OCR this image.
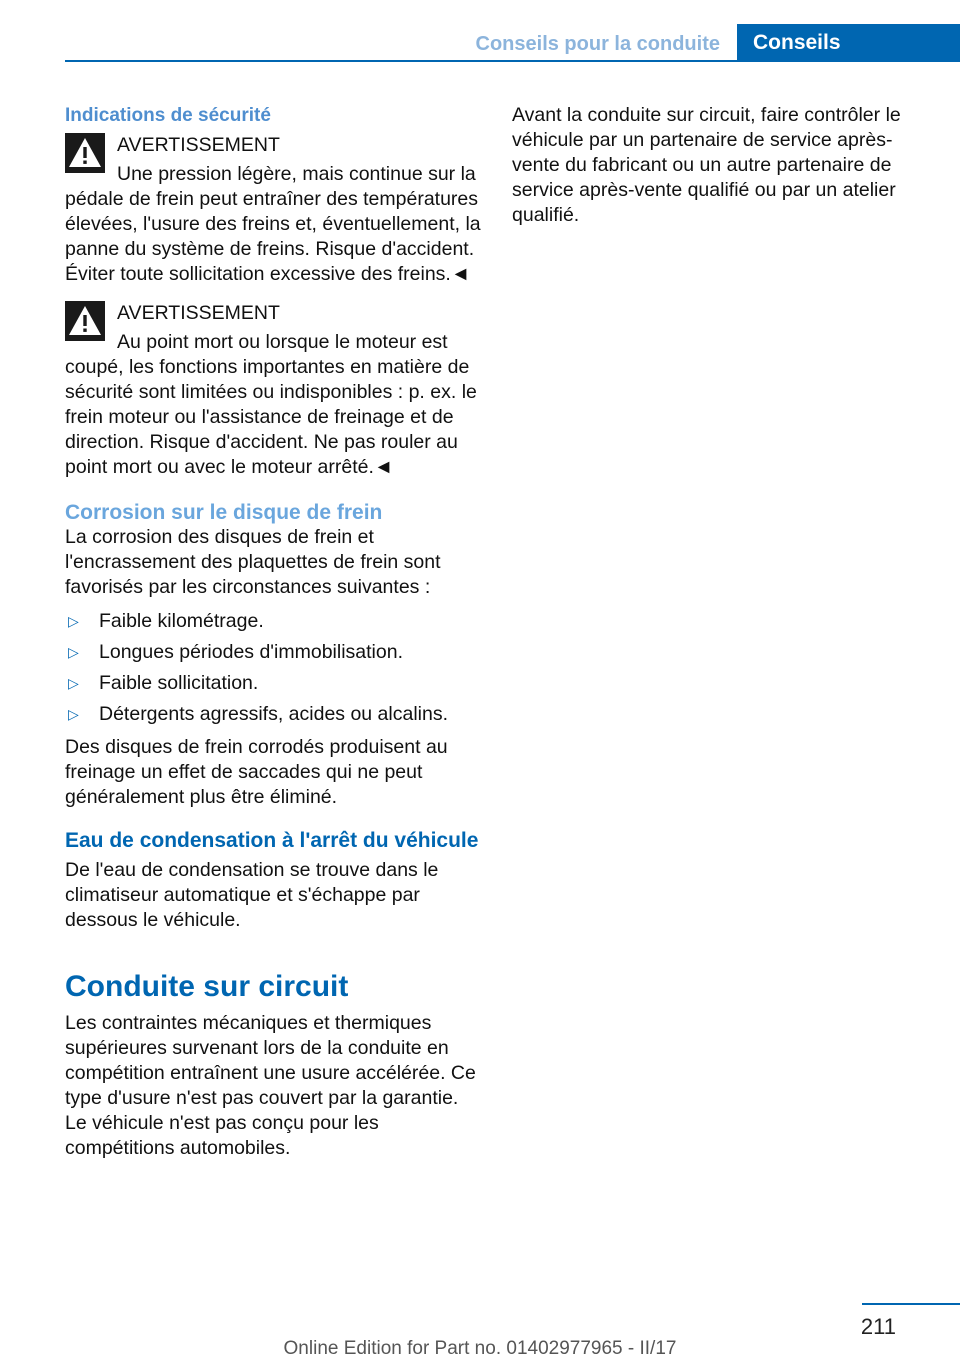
Conseils pour la conduite	Conseils
Indications de sécurité
AVERTISSEMENT
Une pression légère, mais continue sur la pédale de frein peut entraîner des températures élevées, l'usure des freins et, éventuellement, la panne du système de freins. Risque d'accident. Éviter toute sollicitation excessive des freins.◄
AVERTISSEMENT
Au point mort ou lorsque le moteur est coupé, les fonctions importantes en matière de sécurité sont limitées ou indisponibles : p. ex. le frein moteur ou l'assistance de freinage et de direction. Risque d'accident. Ne pas rouler au point mort ou avec le moteur arrêté.◄
Corrosion sur le disque de frein

La corrosion des disques de frein et l'encrassement des plaquettes de frein sont favorisés par les circonstances suivantes :

▷ Faible kilométrage.
▷ Longues périodes d'immobilisation.
▷ Faible sollicitation.
▷ Détergents agressifs, acides ou alcalins.

Des disques de frein corrodés produisent au freinage un effet de saccades qui ne peut généralement plus être éliminé.

Eau de condensation à l'arrêt du véhicule

De l'eau de condensation se trouve dans le climatiseur automatique et s'échappe par dessous le véhicule.

Conduite sur circuit

Les contraintes mécaniques et thermiques supérieures survenant lors de la conduite en compétition entraînent une usure accélérée. Ce type d'usure n'est pas couvert par la garantie. Le véhicule n'est pas conçu pour les compétitions automobiles.

Avant la conduite sur circuit, faire contrôler le véhicule par un partenaire de service après-vente du fabricant ou un autre partenaire de service après-vente qualifié ou par un atelier qualifié.

211
Online Edition for Part no. 01402977965 - II/17
